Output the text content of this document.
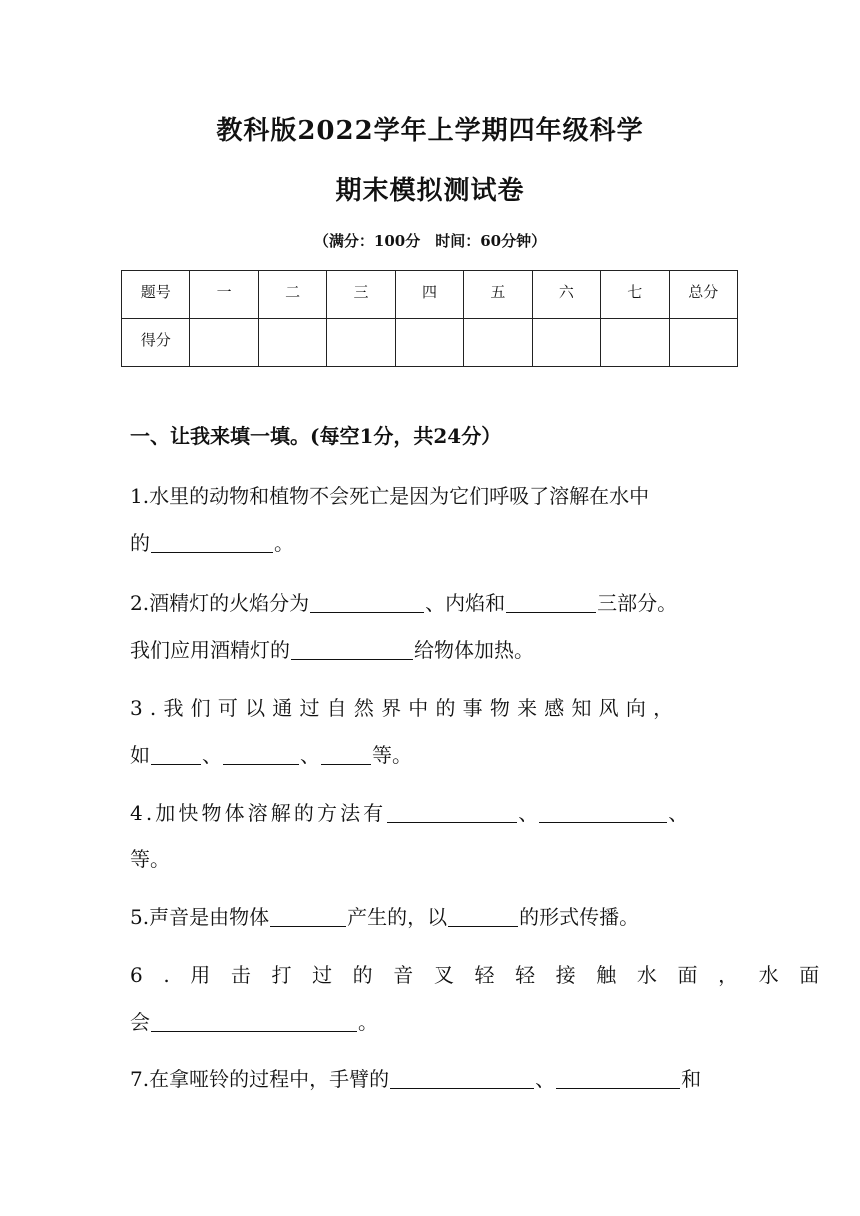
教科版2022学年上学期四年级科学
期末模拟测试卷
（满分：100分　时间：60分钟）
题号	一	二	三	四	五	六	七	总分
得分								
一、让我来填一填。(每空1分，共24分）
1.水里的动物和植物不会死亡是因为它们呼吸了溶解在水中
的	。
2.酒精灯的火焰分为	、内焰和	三部分。
我们应用酒精灯的	给物体加热。
3.我们可以通过自然界中的事物来感知风向，
如	、	、	等。
4.加快物体溶解的方法有	、	、
等。
5.声音是由物体	产生的，以	的形式传播。
6.用击打过的音叉轻轻接触水面，水面
会	。
7.在拿哑铃的过程中，手臂的	、	和
